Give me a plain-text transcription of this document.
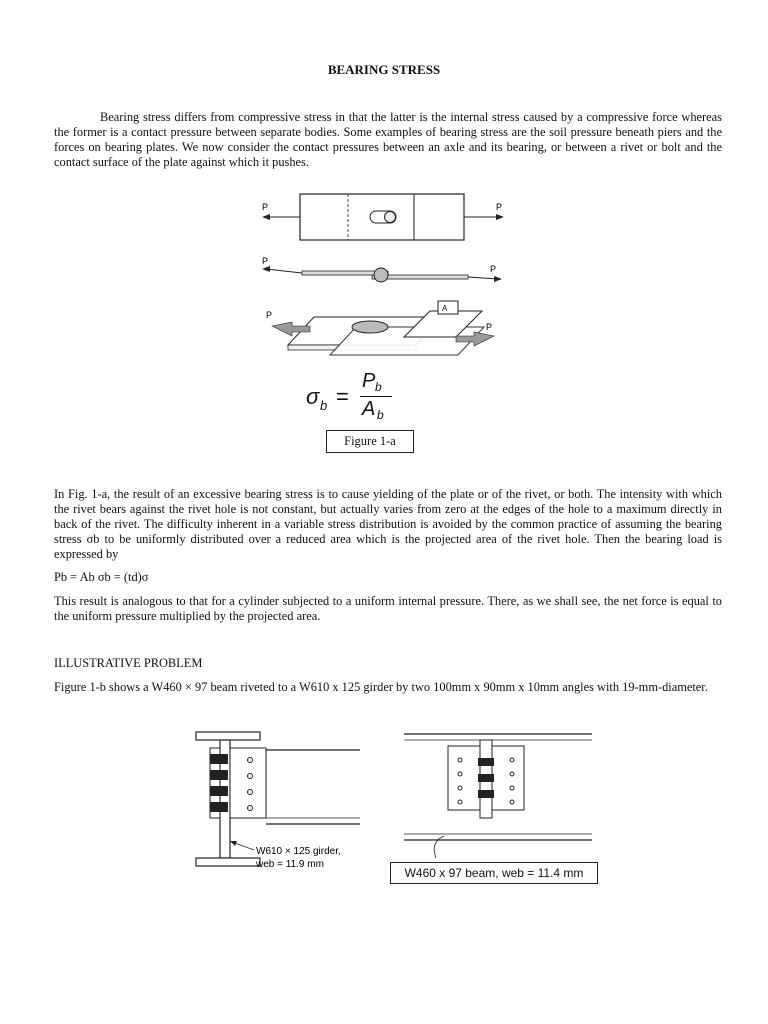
BEARING STRESS

Bearing stress differs from compressive stress in that the latter is the internal stress caused by a compressive force whereas the former is a contact pressure between separate bodies. Some examples of bearing stress are the soil pressure beneath piers and the forces on bearing plates. We now consider the contact pressures between an axle and its bearing, or between a rivet or bolt and the contact surface of the plate against which it pushes.

P	P
P
P
A
P
P
σ b =
P b
A b
Figure 1-a

In Fig. 1-a, the result of an excessive bearing stress is to cause yielding of the plate or of the rivet, or both. The intensity with which the rivet bears against the rivet hole is not constant, but actually varies from zero at the edges of the hole to a maximum directly in back of the rivet. The difficulty inherent in a variable stress distribution is avoided by the common practice of assuming the bearing stress σb to be uniformly distributed over a reduced area which is the projected area of the rivet hole. Then the bearing load is expressed by

Pb = Ab σb = (td)σ

This result is analogous to that for a cylinder subjected to a uniform internal pressure. There, as we shall see, the net force is equal to the uniform pressure multiplied by the projected area.

ILLUSTRATIVE PROBLEM

Figure 1-b shows a W460 × 97 beam riveted to a W610 x 125 girder by two 100mm x 90mm x 10mm angles with 19-mm-diameter.

W610 × 125 girder,
web = 11.9 mm
W460 x 97 beam, web = 11.4 mm
